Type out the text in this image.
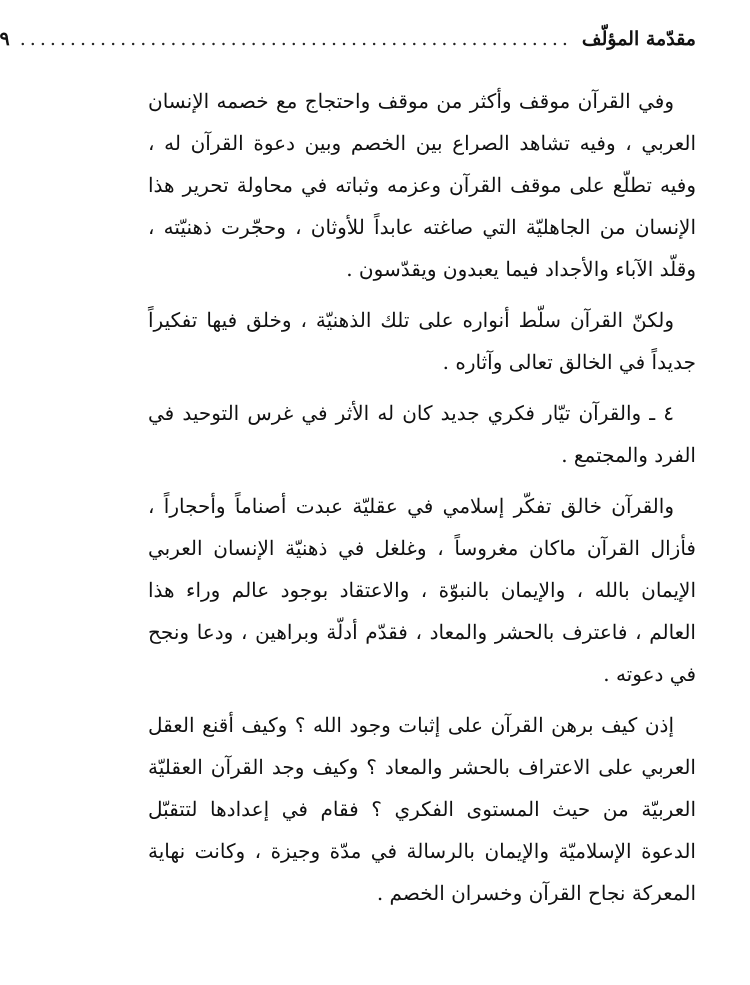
مقدّمة المؤلّف
.......................................................
٩

وفي القرآن موقف وأكثر من موقف واحتجاج مع خصمه الإنسان العربي ، وفيه تشاهد الصراع بين الخصم وبين دعوة القرآن له ، وفيه تطلّع على موقف القرآن وعزمه وثباته في محاولة تحرير هذا الإنسان من الجاهليّة التي صاغته عابداً للأوثان ، وحجّرت ذهنيّته ، وقلّد الآباء والأجداد فيما يعبدون ويقدّسون .

ولكنّ القرآن سلّط أنواره على تلك الذهنيّة ، وخلق فيها تفكيراً جديداً في الخالق تعالى وآثاره .

٤ ـ والقرآن تيّار فكري جديد كان له الأثر في غرس التوحيد في الفرد والمجتمع .

والقرآن خالق تفكّر إسلامي في عقليّة عبدت أصناماً وأحجاراً ، فأزال القرآن ماكان مغروساً ، وغلغل في ذهنيّة الإنسان العربي الإيمان بالله ، والإيمان بالنبوّة ، والاعتقاد بوجود عالم وراء هذا العالم ، فاعترف بالحشر والمعاد ، فقدّم أدلّة وبراهين ، ودعا ونجح في دعوته .

إذن كيف برهن القرآن على إثبات وجود الله ؟ وكيف أقنع العقل العربي على الاعتراف بالحشر والمعاد ؟ وكيف وجد القرآن العقليّة العربيّة من حيث المستوى الفكري ؟ فقام في إعدادها لتتقبّل الدعوة الإسلاميّة والإيمان بالرسالة في مدّة وجيزة ، وكانت نهاية المعركة نجاح القرآن وخسران الخصم .
